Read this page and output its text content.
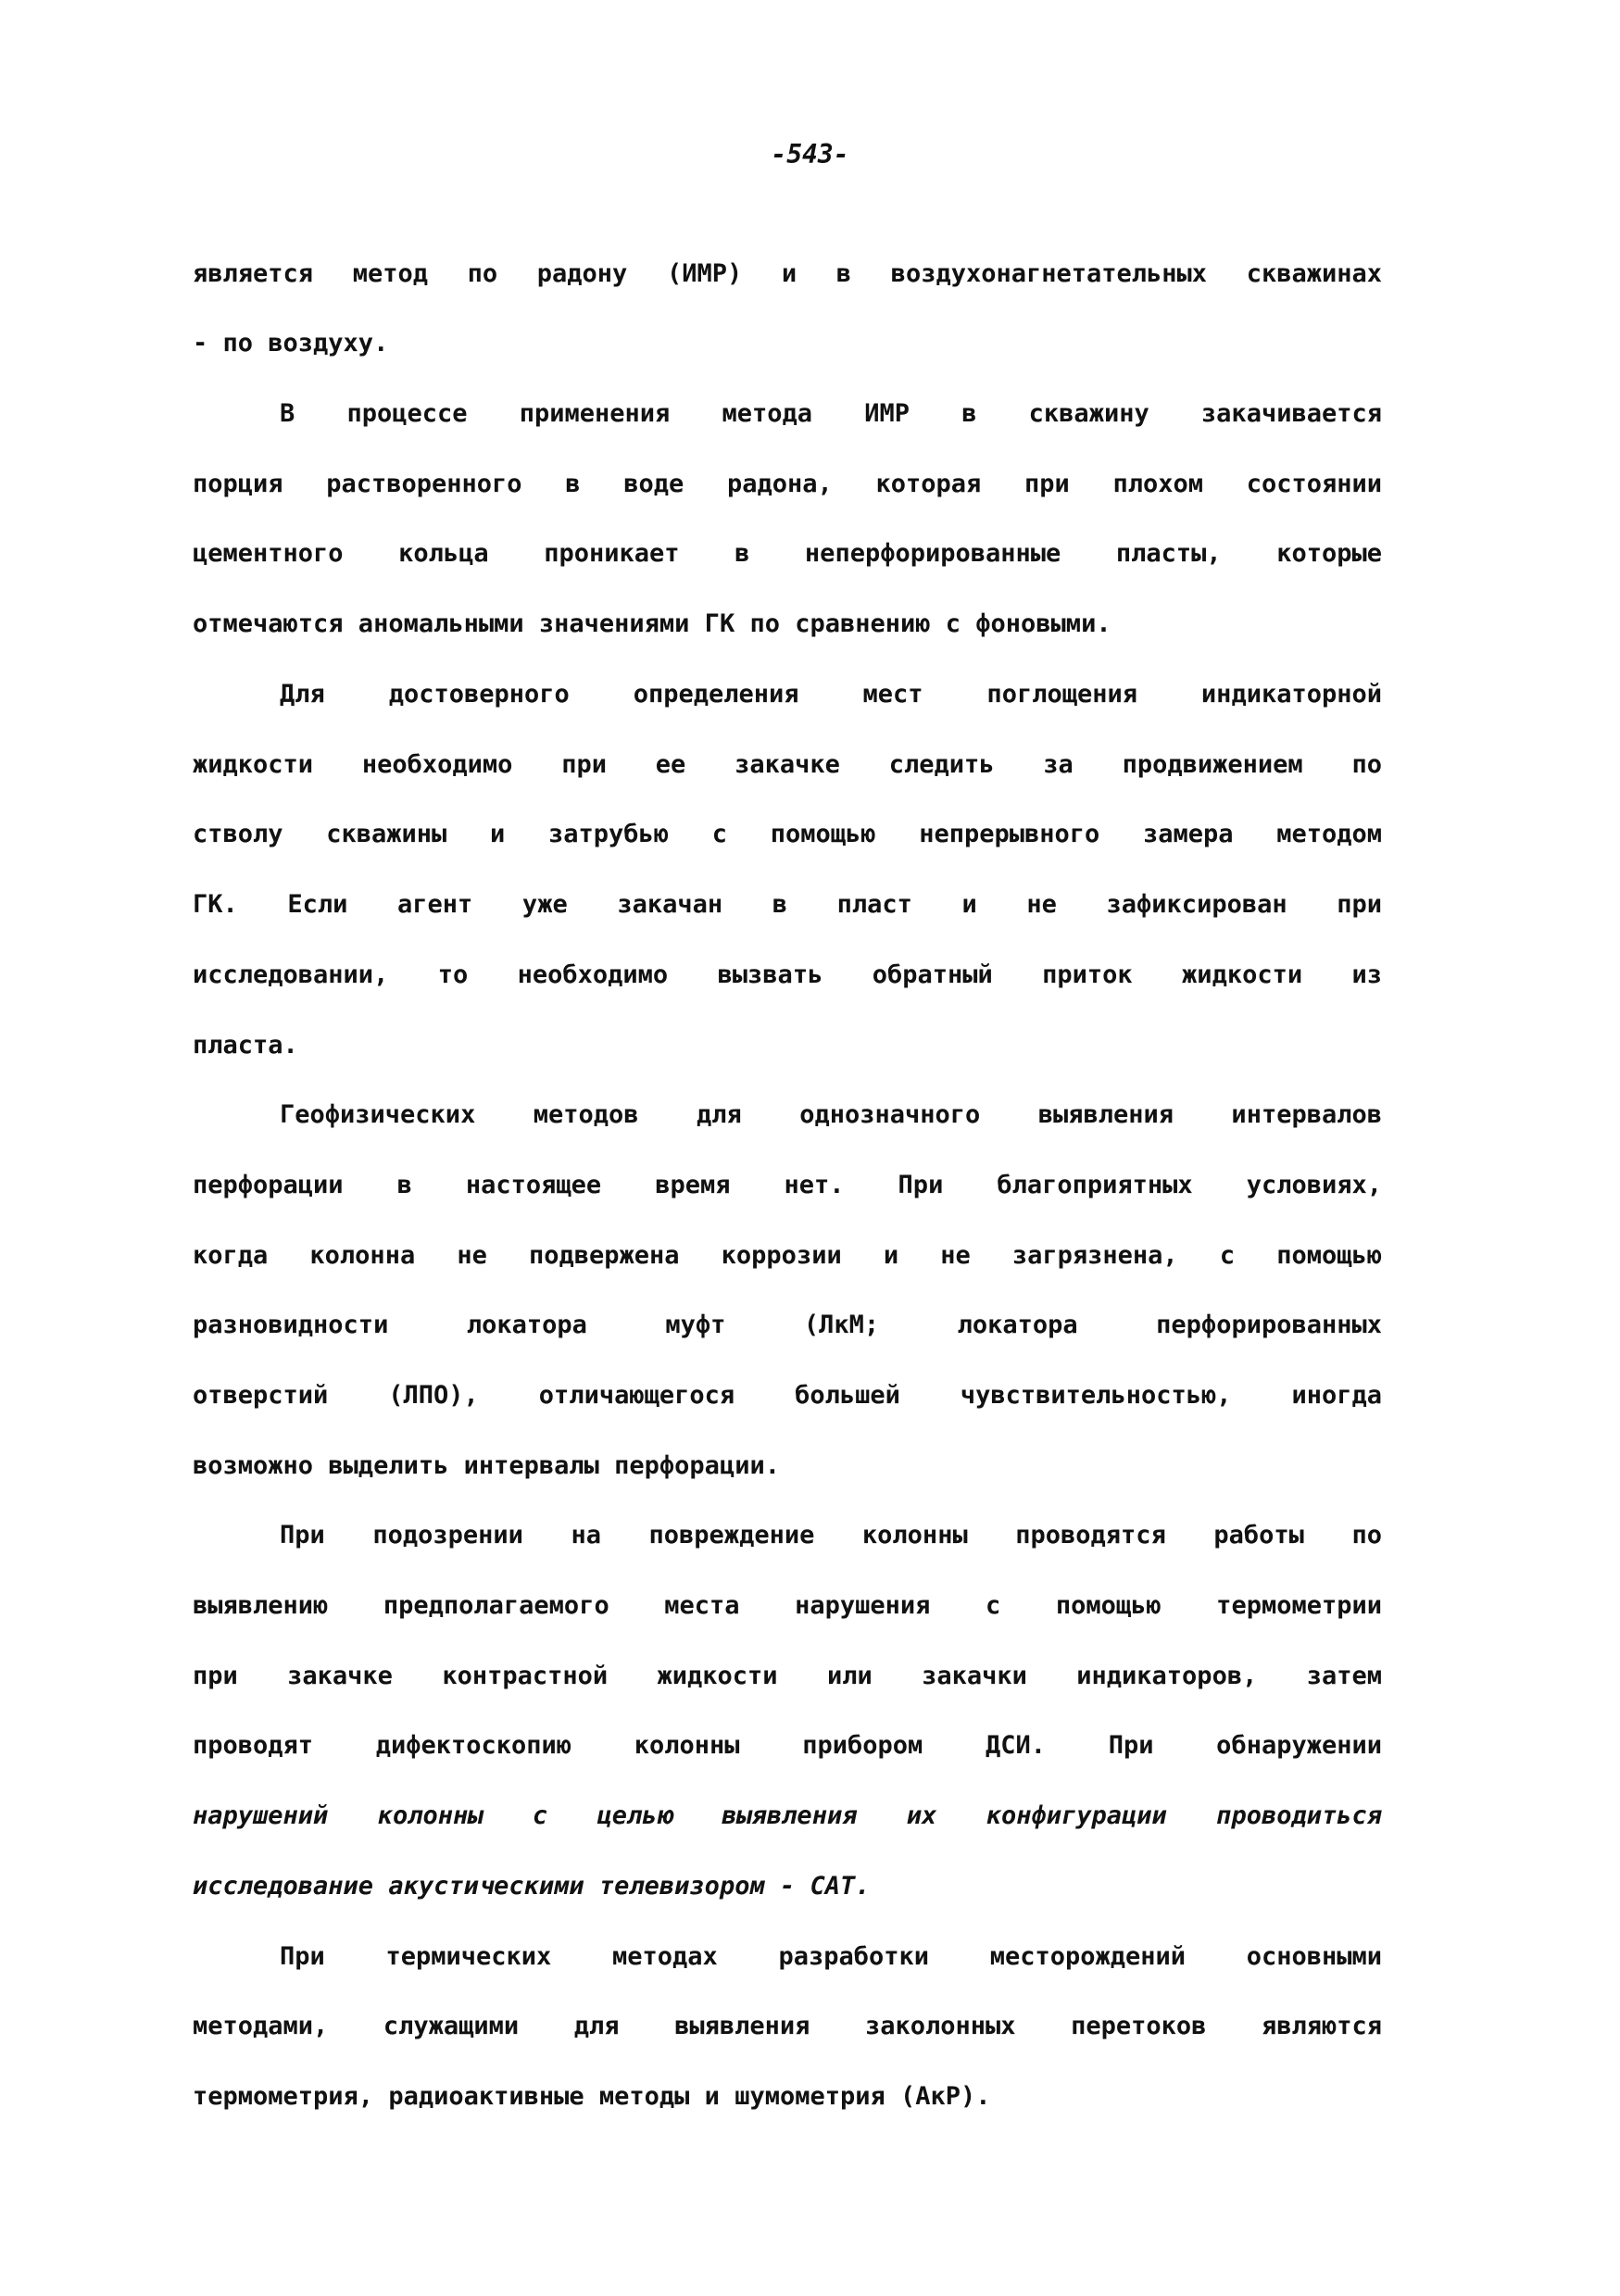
-543-
является метод по радону (ИМР) и в воздухонагнетательных скважинах
- по воздуху.
В процессе применения метода ИМР в скважину закачивается
порция растворенного в воде радона, которая при плохом состоянии
цементного кольца проникает в неперфорированные пласты, которые
отмечаются аномальными значениями ГК по сравнению с фоновыми.
Для достоверного определения мест поглощения индикаторной
жидкости необходимо при ее закачке следить за продвижением по
стволу скважины и затрубью с помощью непрерывного замера методом
ГК. Если агент уже закачан в пласт и не зафиксирован при
исследовании, то необходимо вызвать обратный приток жидкости из
пласта.
Геофизических методов для однозначного выявления интервалов
перфорации в настоящее время нет. При благоприятных условиях,
когда колонна не подвержена коррозии и не загрязнена, с помощью
разновидности локатора муфт (ЛкМ; локатора перфорированных
отверстий (ЛПО), отличающегося большей чувствительностью, иногда
возможно выделить интервалы перфорации.
При подозрении на повреждение колонны проводятся работы по
выявлению предполагаемого места нарушения с помощью термометрии
при закачке контрастной жидкости или закачки индикаторов, затем
проводят дифектоскопию колонны прибором ДСИ. При обнаружении
нарушений колонны с целью выявления их конфигурации проводиться
исследование акустическими телевизором - САТ.
При термических методах разработки месторождений основными
методами, служащими для выявления заколонных перетоков являются
термометрия, радиоактивные методы и шумометрия (АкР).
